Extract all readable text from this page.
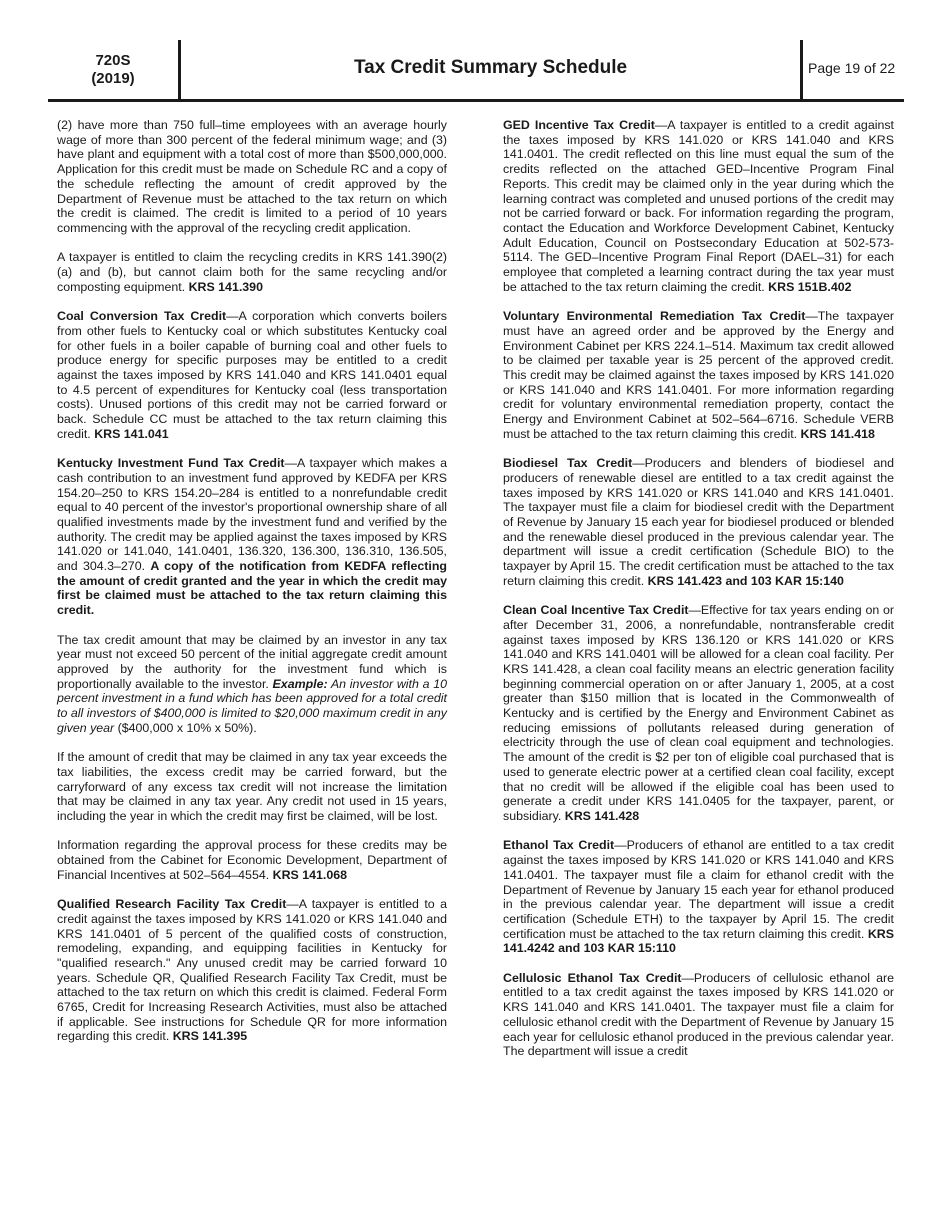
720S
(2019)
Tax Credit Summary Schedule	Page 19 of 22

(2) have more than 750 full–time employees with an average hourly wage of more than 300 percent of the federal minimum wage; and (3) have plant and equipment with a total cost of more than $500,000,000. Application for this credit must be made on Schedule RC and a copy of the schedule reflecting the amount of credit approved by the Department of Revenue must be attached to the tax return on which the credit is claimed. The credit is limited to a period of 10 years commencing with the approval of the recycling credit application.

A taxpayer is entitled to claim the recycling credits in KRS 141.390(2)(a) and (b), but cannot claim both for the same recycling and/or composting equipment. KRS 141.390

Coal Conversion Tax Credit—A corporation which converts boilers from other fuels to Kentucky coal or which substitutes Kentucky coal for other fuels in a boiler capable of burning coal and other fuels to produce energy for specific purposes may be entitled to a credit against the taxes imposed by KRS 141.040 and KRS 141.0401 equal to 4.5 percent of expenditures for Kentucky coal (less transportation costs). Unused portions of this credit may not be carried forward or back. Schedule CC must be attached to the tax return claiming this credit. KRS 141.041

Kentucky Investment Fund Tax Credit—A taxpayer which makes a cash contribution to an investment fund approved by KEDFA per KRS 154.20–250 to KRS 154.20–284 is entitled to a nonrefundable credit equal to 40 percent of the investor's proportional ownership share of all qualified investments made by the investment fund and verified by the authority. The credit may be applied against the taxes imposed by KRS 141.020 or 141.040, 141.0401, 136.320, 136.300, 136.310, 136.505, and 304.3–270. A copy of the notification from KEDFA reflecting the amount of credit granted and the year in which the credit may first be claimed must be attached to the tax return claiming this credit.

The tax credit amount that may be claimed by an investor in any tax year must not exceed 50 percent of the initial aggregate credit amount approved by the authority for the investment fund which is proportionally available to the investor. Example: An investor with a 10 percent investment in a fund which has been approved for a total credit to all investors of $400,000 is limited to $20,000 maximum credit in any given year ($400,000 x 10% x 50%).

If the amount of credit that may be claimed in any tax year exceeds the tax liabilities, the excess credit may be carried forward, but the carryforward of any excess tax credit will not increase the limitation that may be claimed in any tax year. Any credit not used in 15 years, including the year in which the credit may first be claimed, will be lost.

Information regarding the approval process for these credits may be obtained from the Cabinet for Economic Development, Department of Financial Incentives at 502–564–4554. KRS 141.068

Qualified Research Facility Tax Credit—A taxpayer is entitled to a credit against the taxes imposed by KRS 141.020 or KRS 141.040 and KRS 141.0401 of 5 percent of the qualified costs of construction, remodeling, expanding, and equipping facilities in Kentucky for "qualified research." Any unused credit may be carried forward 10 years. Schedule QR, Qualified Research Facility Tax Credit, must be attached to the tax return on which this credit is claimed. Federal Form 6765, Credit for Increasing Research Activities, must also be attached if applicable. See instructions for Schedule QR for more information regarding this credit. KRS 141.395

GED Incentive Tax Credit—A taxpayer is entitled to a credit against the taxes imposed by KRS 141.020 or KRS 141.040 and KRS 141.0401. The credit reflected on this line must equal the sum of the credits reflected on the attached GED–Incentive Program Final Reports. This credit may be claimed only in the year during which the learning contract was completed and unused portions of the credit may not be carried forward or back. For information regarding the program, contact the Education and Workforce Development Cabinet, Kentucky Adult Education, Council on Postsecondary Education at 502-573-5114. The GED–Incentive Program Final Report (DAEL–31) for each employee that completed a learning contract during the tax year must be attached to the tax return claiming the credit. KRS 151B.402

Voluntary Environmental Remediation Tax Credit—The taxpayer must have an agreed order and be approved by the Energy and Environment Cabinet per KRS 224.1–514. Maximum tax credit allowed to be claimed per taxable year is 25 percent of the approved credit. This credit may be claimed against the taxes imposed by KRS 141.020 or KRS 141.040 and KRS 141.0401. For more information regarding credit for voluntary environmental remediation property, contact the Energy and Environment Cabinet at 502–564–6716. Schedule VERB must be attached to the tax return claiming this credit. KRS 141.418

Biodiesel Tax Credit—Producers and blenders of biodiesel and producers of renewable diesel are entitled to a tax credit against the taxes imposed by KRS 141.020 or KRS 141.040 and KRS 141.0401. The taxpayer must file a claim for biodiesel credit with the Department of Revenue by January 15 each year for biodiesel produced or blended and the renewable diesel produced in the previous calendar year. The department will issue a credit certification (Schedule BIO) to the taxpayer by April 15. The credit certification must be attached to the tax return claiming this credit. KRS 141.423 and 103 KAR 15:140

Clean Coal Incentive Tax Credit—Effective for tax years ending on or after December 31, 2006, a nonrefundable, nontransferable credit against taxes imposed by KRS 136.120 or KRS 141.020 or KRS 141.040 and KRS 141.0401 will be allowed for a clean coal facility. Per KRS 141.428, a clean coal facility means an electric generation facility beginning commercial operation on or after January 1, 2005, at a cost greater than $150 million that is located in the Commonwealth of Kentucky and is certified by the Energy and Environment Cabinet as reducing emissions of pollutants released during generation of electricity through the use of clean coal equipment and technologies. The amount of the credit is $2 per ton of eligible coal purchased that is used to generate electric power at a certified clean coal facility, except that no credit will be allowed if the eligible coal has been used to generate a credit under KRS 141.0405 for the taxpayer, parent, or subsidiary. KRS 141.428

Ethanol Tax Credit—Producers of ethanol are entitled to a tax credit against the taxes imposed by KRS 141.020 or KRS 141.040 and KRS 141.0401. The taxpayer must file a claim for ethanol credit with the Department of Revenue by January 15 each year for ethanol produced in the previous calendar year. The department will issue a credit certification (Schedule ETH) to the taxpayer by April 15. The credit certification must be attached to the tax return claiming this credit. KRS 141.4242 and 103 KAR 15:110

Cellulosic Ethanol Tax Credit—Producers of cellulosic ethanol are entitled to a tax credit against the taxes imposed by KRS 141.020 or KRS 141.040 and KRS 141.0401. The taxpayer must file a claim for cellulosic ethanol credit with the Department of Revenue by January 15 each year for cellulosic ethanol produced in the previous calendar year. The department will issue a credit
